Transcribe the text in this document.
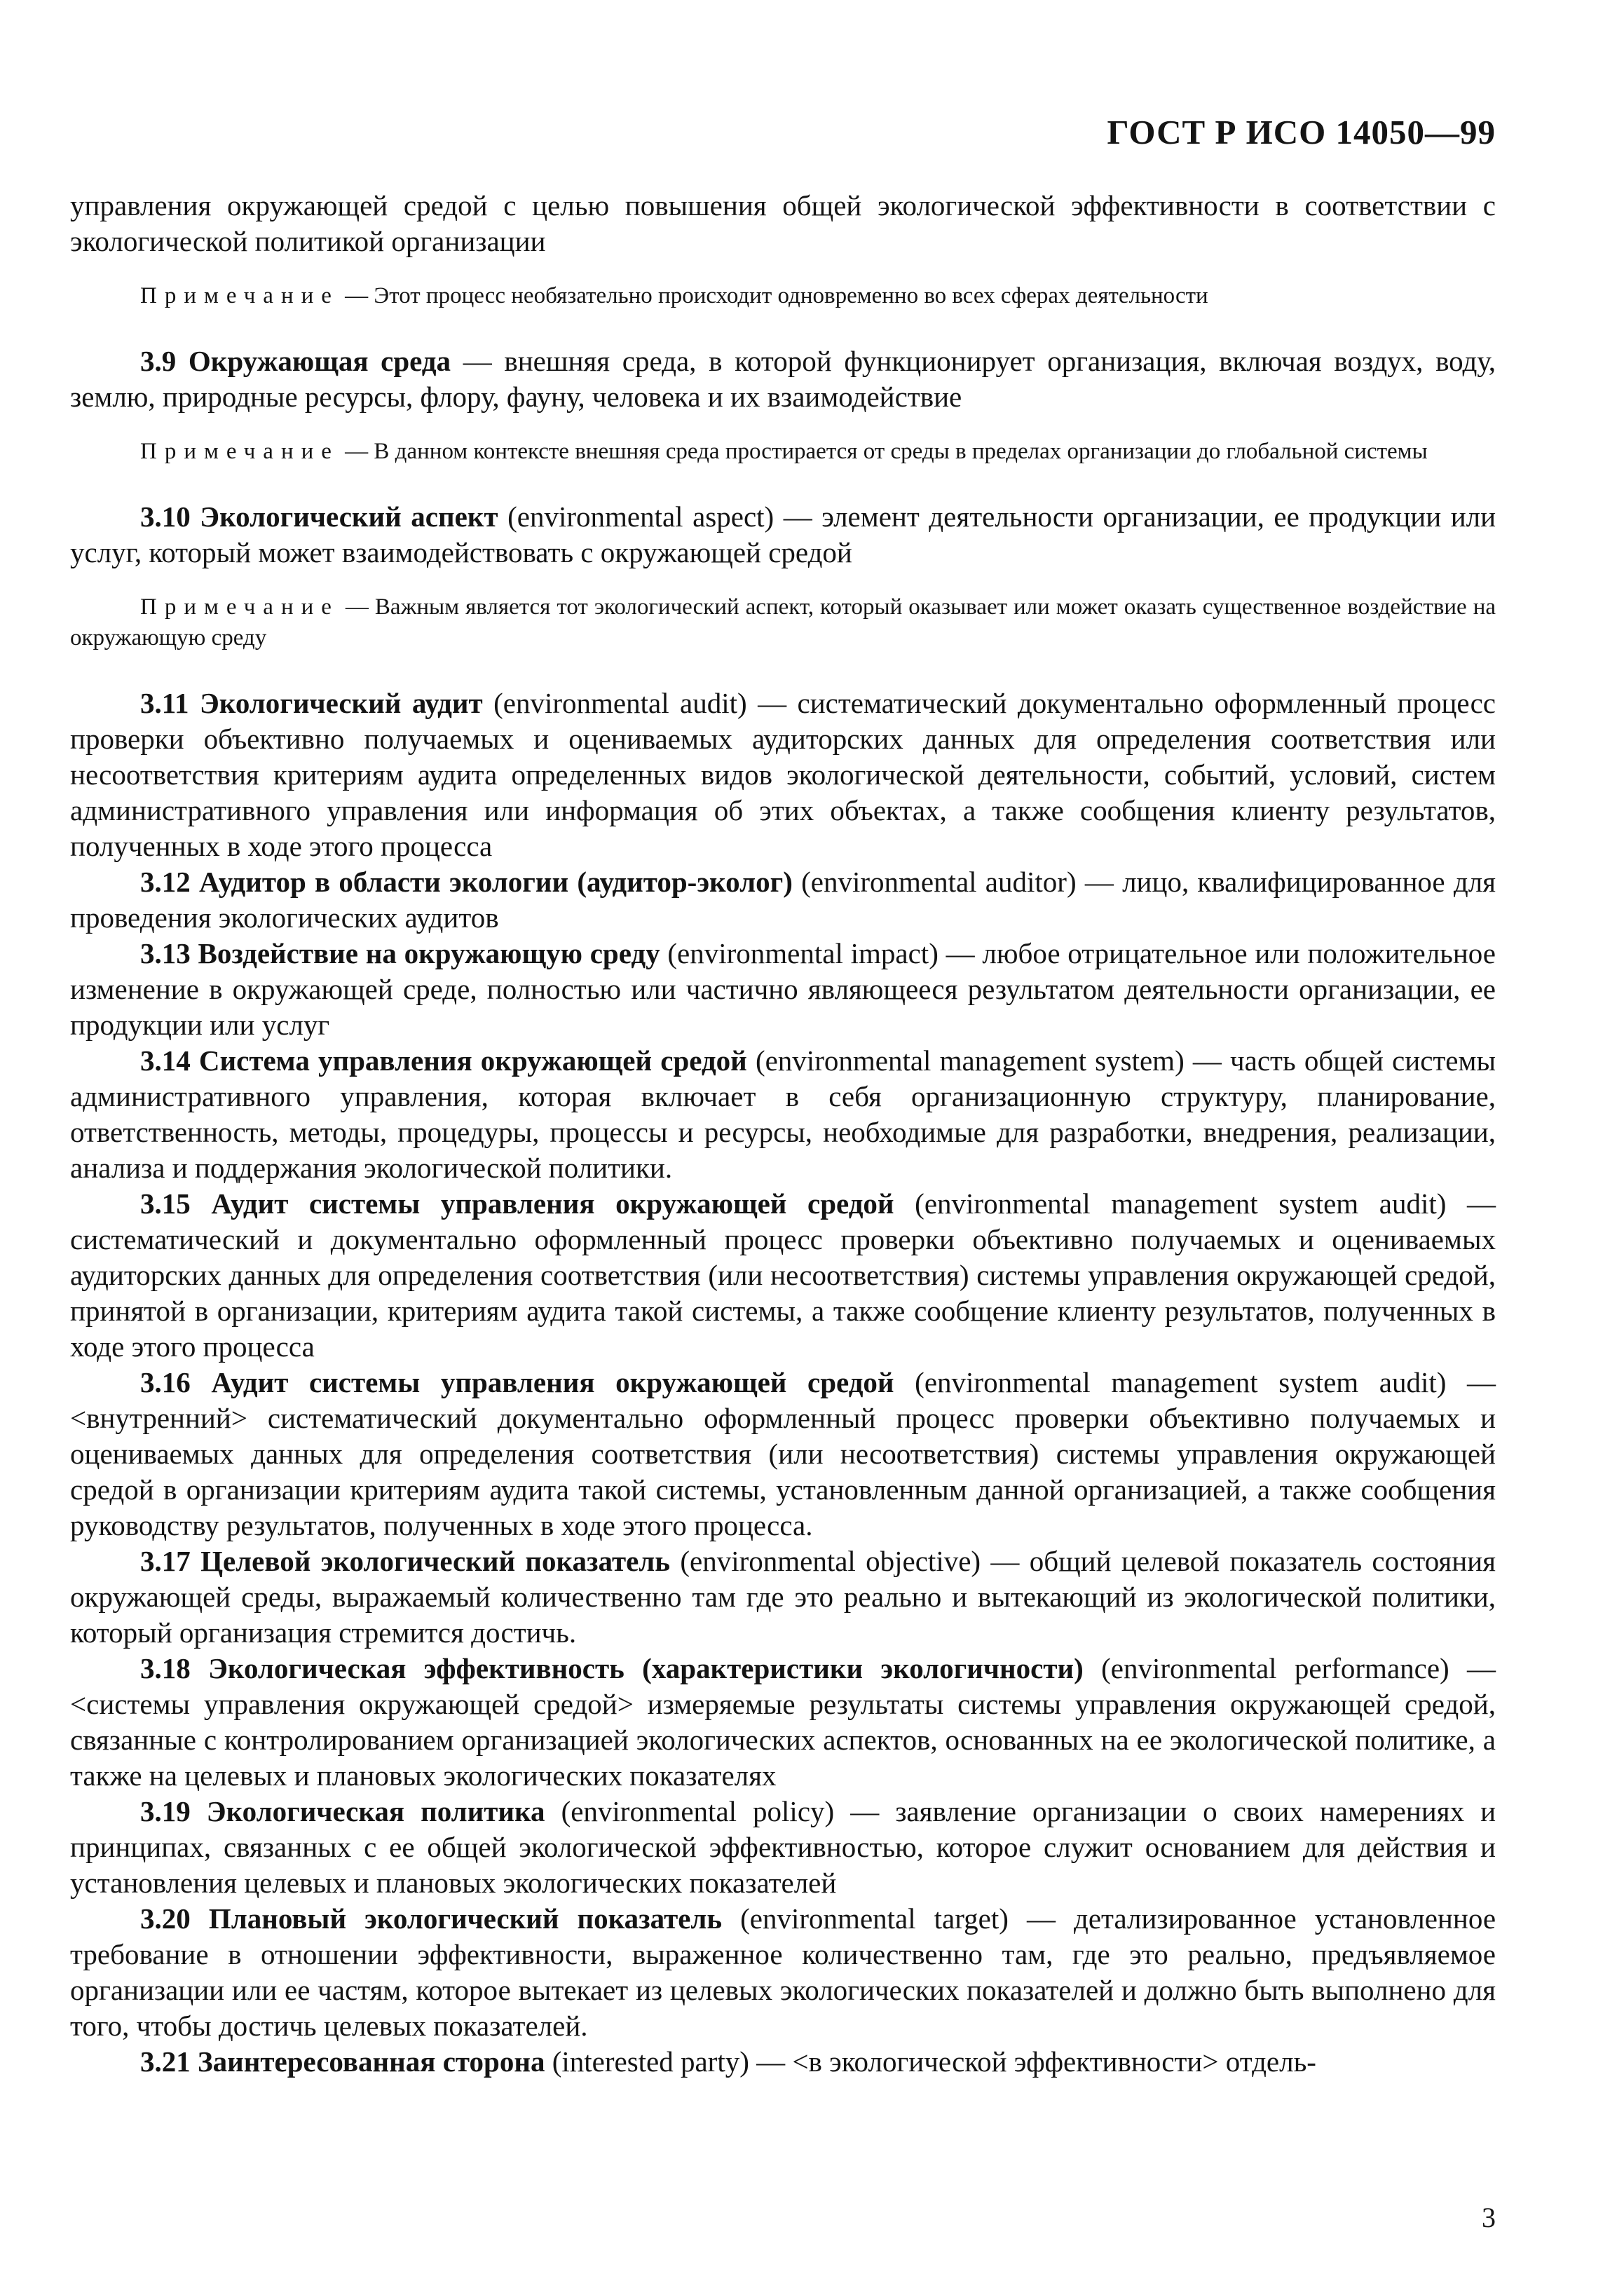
ГОСТ Р ИСО 14050—99

управления окружающей средой с целью повышения общей экологической эффективности в соответствии с экологической политикой организации

Примечание — Этот процесс необязательно происходит одновременно во всех сферах деятельности

3.9 Окружающая среда — внешняя среда, в которой функционирует организация, включая воздух, воду, землю, природные ресурсы, флору, фауну, человека и их взаимодействие

Примечание — В данном контексте внешняя среда простирается от среды в пределах организации до глобальной системы

3.10 Экологический аспект (environmental aspect) — элемент деятельности организации, ее продукции или услуг, который может взаимодействовать с окружающей средой

Примечание — Важным является тот экологический аспект, который оказывает или может оказать существенное воздействие на окружающую среду

3.11 Экологический аудит (environmental audit) — систематический документально оформленный процесс проверки объективно получаемых и оцениваемых аудиторских данных для определения соответствия или несоответствия критериям аудита определенных видов экологической деятельности, событий, условий, систем административного управления или информация об этих объектах, а также сообщения клиенту результатов, полученных в ходе этого процесса

3.12 Аудитор в области экологии (аудитор-эколог) (environmental auditor) — лицо, квалифицированное для проведения экологических аудитов

3.13 Воздействие на окружающую среду (environmental impact) — любое отрицательное или положительное изменение в окружающей среде, полностью или частично являющееся результатом деятельности организации, ее продукции или услуг

3.14 Система управления окружающей средой (environmental management system) — часть общей системы административного управления, которая включает в себя организационную структуру, планирование, ответственность, методы, процедуры, процессы и ресурсы, необходимые для разработки, внедрения, реализации, анализа и поддержания экологической политики.

3.15 Аудит системы управления окружающей средой (environmental management system audit) — систематический и документально оформленный процесс проверки объективно получаемых и оцениваемых аудиторских данных для определения соответствия (или несоответствия) системы управления окружающей средой, принятой в организации, критериям аудита такой системы, а также сообщение клиенту результатов, полученных в ходе этого процесса

3.16 Аудит системы управления окружающей средой (environmental management system audit) — <внутренний> систематический документально оформленный процесс проверки объективно получаемых и оцениваемых данных для определения соответствия (или несоответствия) системы управления окружающей средой в организации критериям аудита такой системы, установленным данной организацией, а также сообщения руководству результатов, полученных в ходе этого процесса.

3.17 Целевой экологический показатель (environmental objective) — общий целевой показатель состояния окружающей среды, выражаемый количественно там где это реально и вытекающий из экологической политики, который организация стремится достичь.

3.18 Экологическая эффективность (характеристики экологичности) (environmental performance) — <системы управления окружающей средой> измеряемые результаты системы управления окружающей средой, связанные с контролированием организацией экологических аспектов, основанных на ее экологической политике, а также на целевых и плановых экологических показателях

3.19 Экологическая политика (environmental policy) — заявление организации о своих намерениях и принципах, связанных с ее общей экологической эффективностью, которое служит основанием для действия и установления целевых и плановых экологических показателей

3.20 Плановый экологический показатель (environmental target) — детализированное установленное требование в отношении эффективности, выраженное количественно там, где это реально, предъявляемое организации или ее частям, которое вытекает из целевых экологических показателей и должно быть выполнено для того, чтобы достичь целевых показателей.

3.21 Заинтересованная сторона (interested party) — <в экологической эффективности> отдель-

3
